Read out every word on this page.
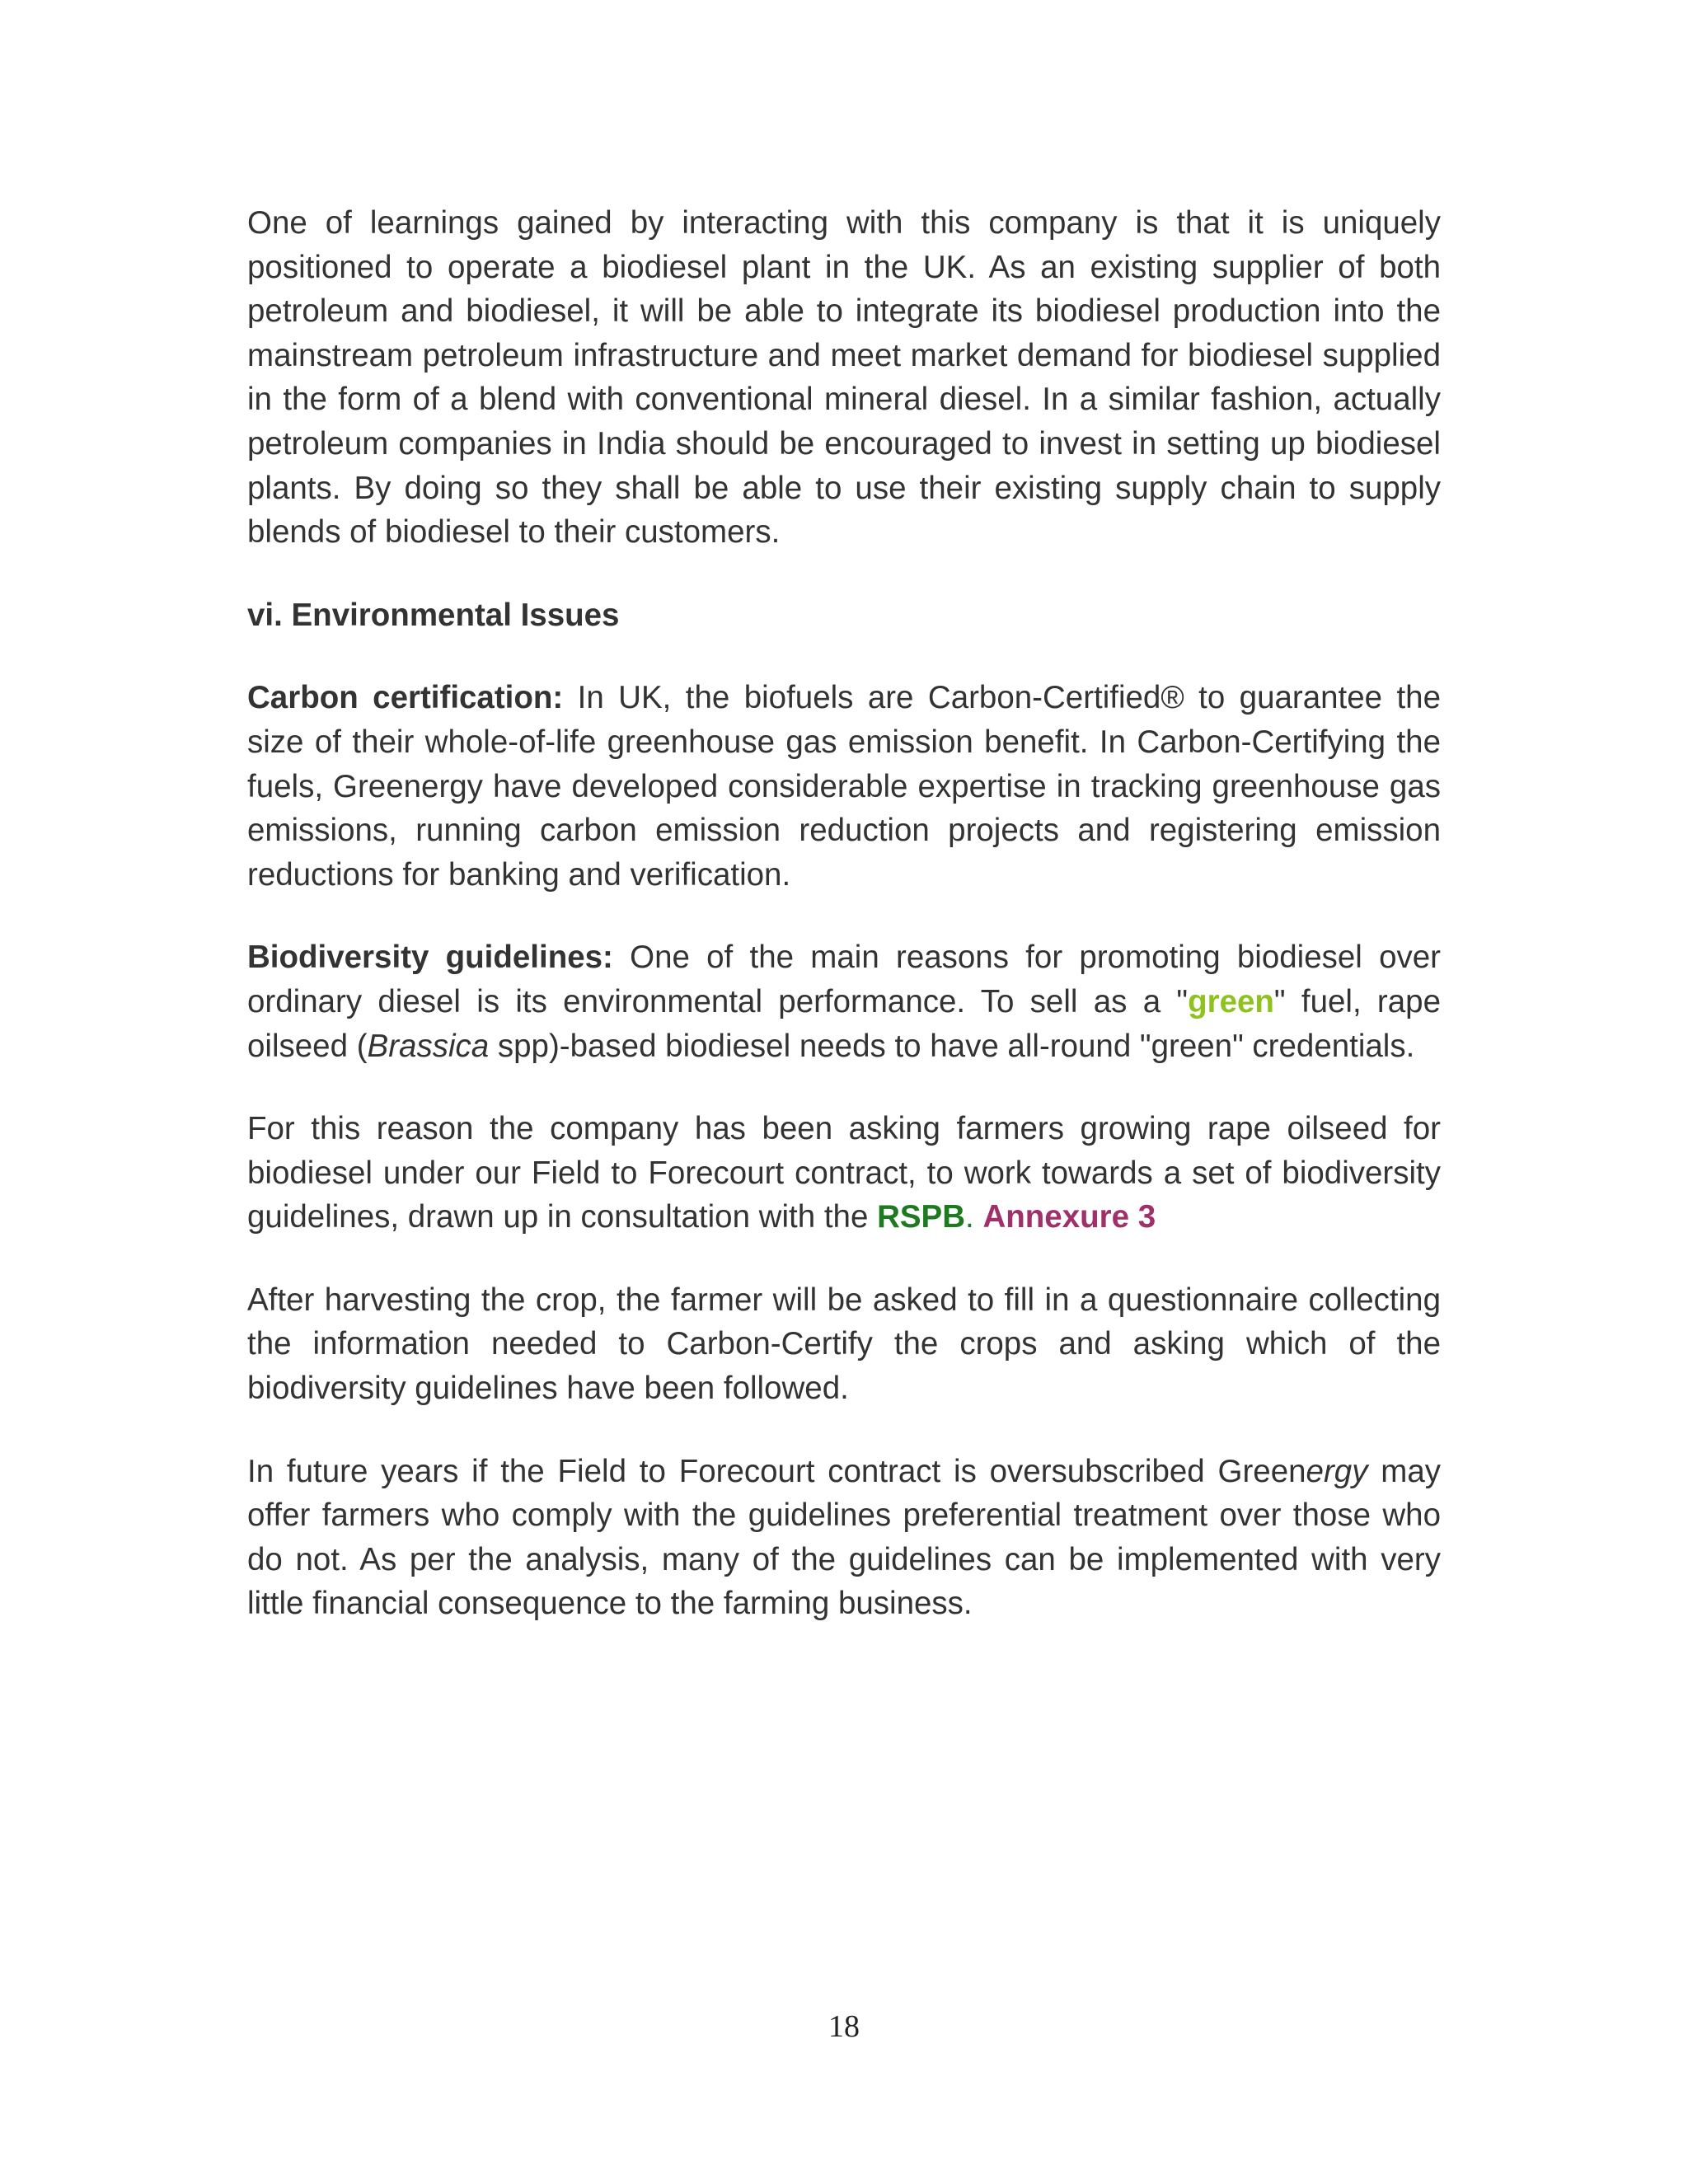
One of learnings gained by interacting with this company is that it is uniquely positioned to operate a biodiesel plant in the UK. As an existing supplier of both petroleum and biodiesel, it will be able to integrate its biodiesel production into the mainstream petroleum infrastructure and meet market demand for biodiesel supplied in the form of a blend with conventional mineral diesel. In a similar fashion, actually petroleum companies in India should be encouraged to invest in setting up biodiesel plants. By doing so they shall be able to use their existing supply chain to supply blends of biodiesel to their customers.

vi. Environmental Issues

Carbon certification: In UK, the biofuels are Carbon-Certified® to guarantee the size of their whole-of-life greenhouse gas emission benefit. In Carbon-Certifying the fuels, Greenergy have developed considerable expertise in tracking greenhouse gas emissions, running carbon emission reduction projects and registering emission reductions for banking and verification.

Biodiversity guidelines: One of the main reasons for promoting biodiesel over ordinary diesel is its environmental performance. To sell as a "green" fuel, rape oilseed (Brassica spp)-based biodiesel needs to have all-round "green" credentials.

For this reason the company has been asking farmers growing rape oilseed for biodiesel under our Field to Forecourt contract, to work towards a set of biodiversity guidelines, drawn up in consultation with the RSPB. Annexure 3

After harvesting the crop, the farmer will be asked to fill in a questionnaire collecting the information needed to Carbon-Certify the crops and asking which of the biodiversity guidelines have been followed.

In future years if the Field to Forecourt contract is oversubscribed Greenergy may offer farmers who comply with the guidelines preferential treatment over those who do not. As per the analysis, many of the guidelines can be implemented with very little financial consequence to the farming business.

18
